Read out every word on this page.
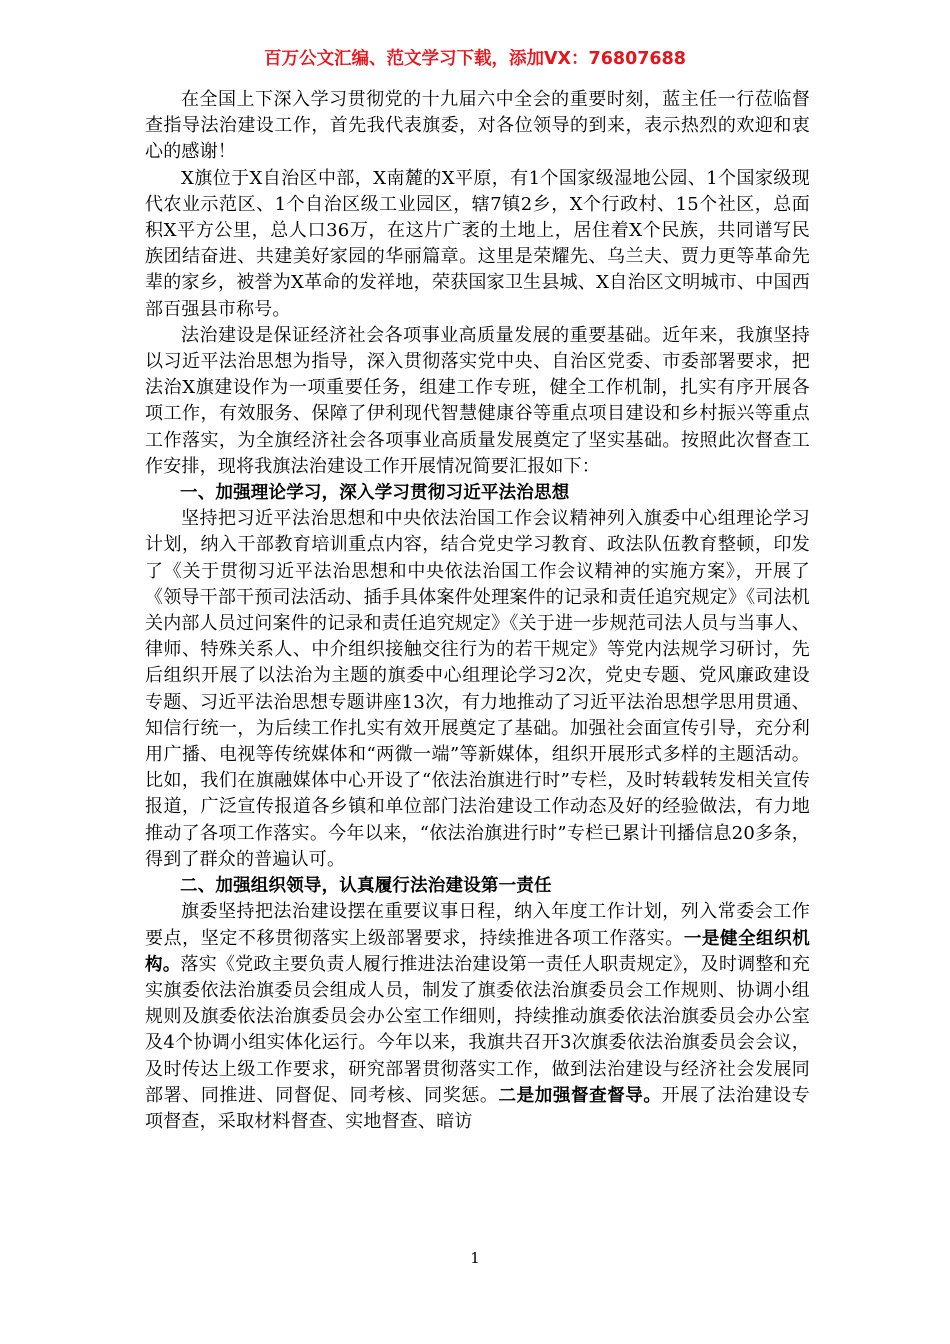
百万公文汇编、范文学习下载，添加VX：76807688

在全国上下深入学习贯彻党的十九届六中全会的重要时刻，蓝主任一行莅临督查指导法治建设工作，首先我代表旗委，对各位领导的到来，表示热烈的欢迎和衷心的感谢！

X旗位于X自治区中部，X南麓的X平原，有1个国家级湿地公园、1个国家级现代农业示范区、1个自治区级工业园区，辖7镇2乡，X个行政村、15个社区，总面积X平方公里，总人口36万，在这片广袤的土地上，居住着X个民族，共同谱写民族团结奋进、共建美好家园的华丽篇章。这里是荣耀先、乌兰夫、贾力更等革命先辈的家乡，被誉为X革命的发祥地，荣获国家卫生县城、X自治区文明城市、中国西部百强县市称号。

法治建设是保证经济社会各项事业高质量发展的重要基础。近年来，我旗坚持以习近平法治思想为指导，深入贯彻落实党中央、自治区党委、市委部署要求，把法治X旗建设作为一项重要任务，组建工作专班，健全工作机制，扎实有序开展各项工作，有效服务、保障了伊利现代智慧健康谷等重点项目建设和乡村振兴等重点工作落实，为全旗经济社会各项事业高质量发展奠定了坚实基础。按照此次督查工作安排，现将我旗法治建设工作开展情况简要汇报如下：

一、加强理论学习，深入学习贯彻习近平法治思想

坚持把习近平法治思想和中央依法治国工作会议精神列入旗委中心组理论学习计划，纳入干部教育培训重点内容，结合党史学习教育、政法队伍教育整顿，印发了《关于贯彻习近平法治思想和中央依法治国工作会议精神的实施方案》，开展了《领导干部干预司法活动、插手具体案件处理案件的记录和责任追究规定》《司法机关内部人员过问案件的记录和责任追究规定》《关于进一步规范司法人员与当事人、律师、特殊关系人、中介组织接触交往行为的若干规定》等党内法规学习研讨，先后组织开展了以法治为主题的旗委中心组理论学习2次，党史专题、党风廉政建设专题、习近平法治思想专题讲座13次，有力地推动了习近平法治思想学思用贯通、知信行统一，为后续工作扎实有效开展奠定了基础。加强社会面宣传引导，充分利用广播、电视等传统媒体和“两微一端”等新媒体，组织开展形式多样的主题活动。比如，我们在旗融媒体中心开设了“依法治旗进行时”专栏，及时转载转发相关宣传报道，广泛宣传报道各乡镇和单位部门法治建设工作动态及好的经验做法，有力地推动了各项工作落实。今年以来，“依法治旗进行时”专栏已累计刊播信息20多条，得到了群众的普遍认可。

二、加强组织领导，认真履行法治建设第一责任

旗委坚持把法治建设摆在重要议事日程，纳入年度工作计划，列入常委会工作要点，坚定不移贯彻落实上级部署要求，持续推进各项工作落实。一是健全组织机构。落实《党政主要负责人履行推进法治建设第一责任人职责规定》，及时调整和充实旗委依法治旗委员会组成人员，制发了旗委依法治旗委员会工作规则、协调小组规则及旗委依法治旗委员会办公室工作细则，持续推动旗委依法治旗委员会办公室及4个协调小组实体化运行。今年以来，我旗共召开3次旗委依法治旗委员会会议，及时传达上级工作要求，研究部署贯彻落实工作，做到法治建设与经济社会发展同部署、同推进、同督促、同考核、同奖惩。二是加强督查督导。开展了法治建设专项督查，采取材料督查、实地督查、暗访

1
